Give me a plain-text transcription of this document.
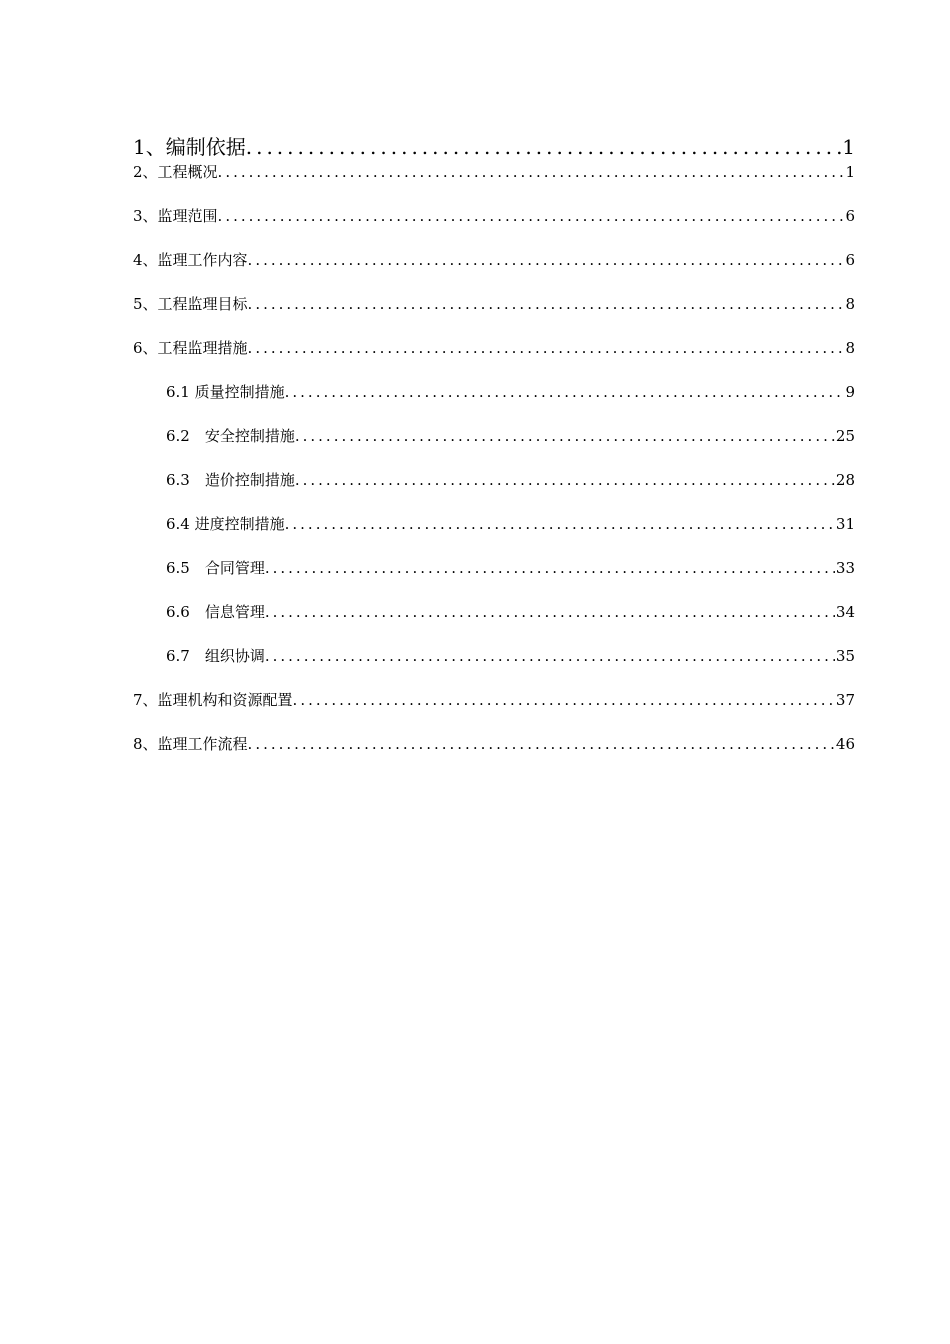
1、编制依据 .....	1
2、工程概况 .....	1
3、监理范围 .....	6
4、监理工作内容 .....	6
5、工程监理目标 .....	8
6、工程监理措施 .....	8
6.1 质量控制措施 .....	9
6.2　安全控制措施 .....	25
6.3　造价控制措施 .....	28
6.4 进度控制措施 .....	31
6.5　合同管理 .....	33
6.6　信息管理 .....	34
6.7　组织协调 .....	35
7、监理机构和资源配置 .....	37
8、监理工作流程 .....	46
